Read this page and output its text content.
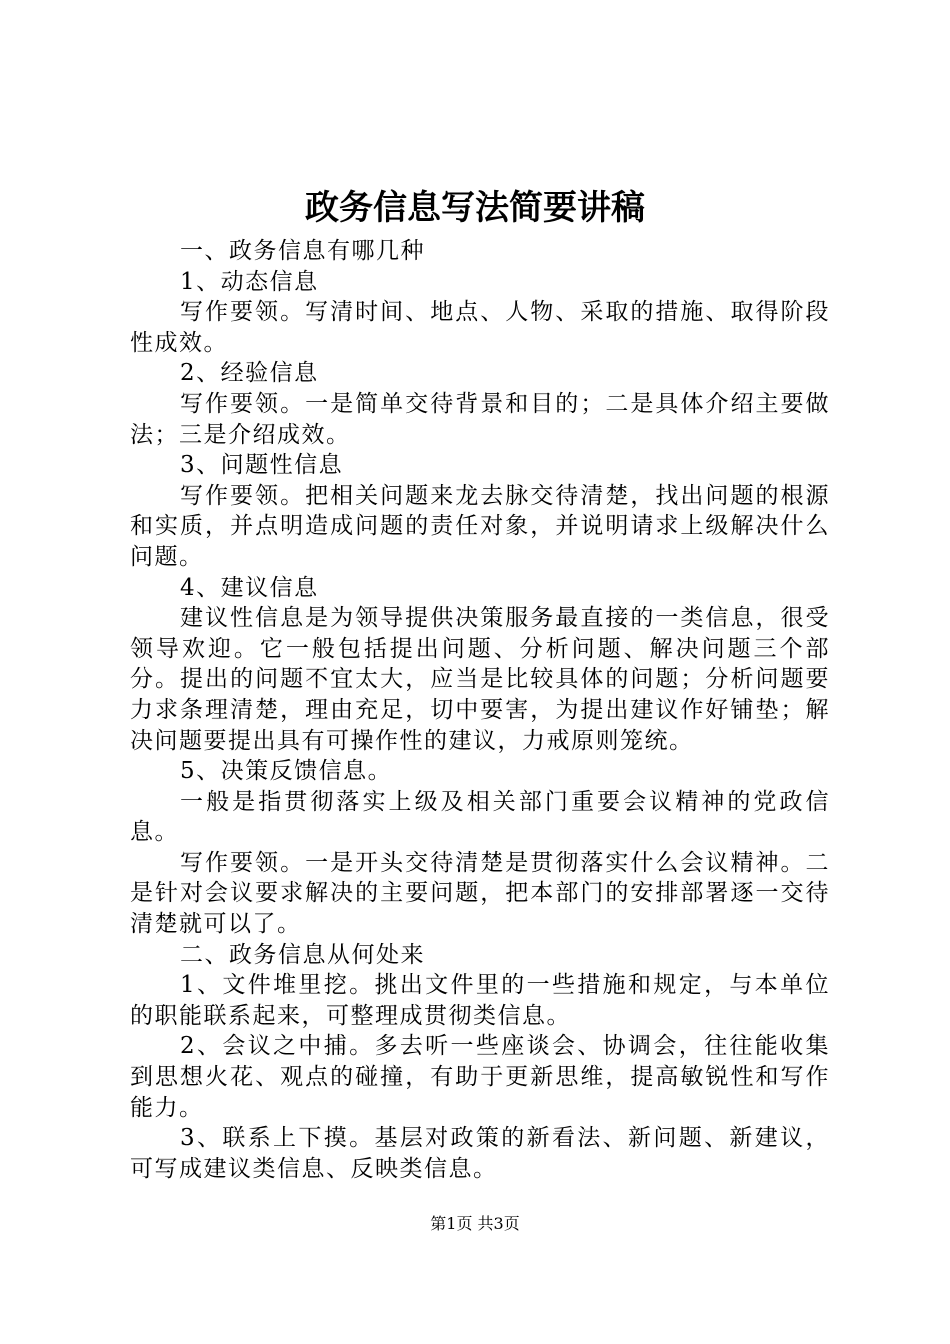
政务信息写法简要讲稿

一、政务信息有哪几种

1、动态信息

写作要领。写清时间、地点、人物、采取的措施、取得阶段性成效。

2、经验信息

写作要领。一是简单交待背景和目的；二是具体介绍主要做法；三是介绍成效。

3、问题性信息

写作要领。把相关问题来龙去脉交待清楚，找出问题的根源和实质，并点明造成问题的责任对象，并说明请求上级解决什么问题。

4、建议信息

建议性信息是为领导提供决策服务最直接的一类信息，很受领导欢迎。它一般包括提出问题、分析问题、解决问题三个部分。提出的问题不宜太大，应当是比较具体的问题；分析问题要力求条理清楚，理由充足，切中要害，为提出建议作好铺垫；解决问题要提出具有可操作性的建议，力戒原则笼统。

5、决策反馈信息。

一般是指贯彻落实上级及相关部门重要会议精神的党政信息。

写作要领。一是开头交待清楚是贯彻落实什么会议精神。二是针对会议要求解决的主要问题，把本部门的安排部署逐一交待清楚就可以了。

二、政务信息从何处来

1、文件堆里挖。挑出文件里的一些措施和规定，与本单位的职能联系起来，可整理成贯彻类信息。

2、会议之中捕。多去听一些座谈会、协调会，往往能收集到思想火花、观点的碰撞，有助于更新思维，提高敏锐性和写作能力。

3、联系上下摸。基层对政策的新看法、新问题、新建议，可写成建议类信息、反映类信息。

第1页 共3页
